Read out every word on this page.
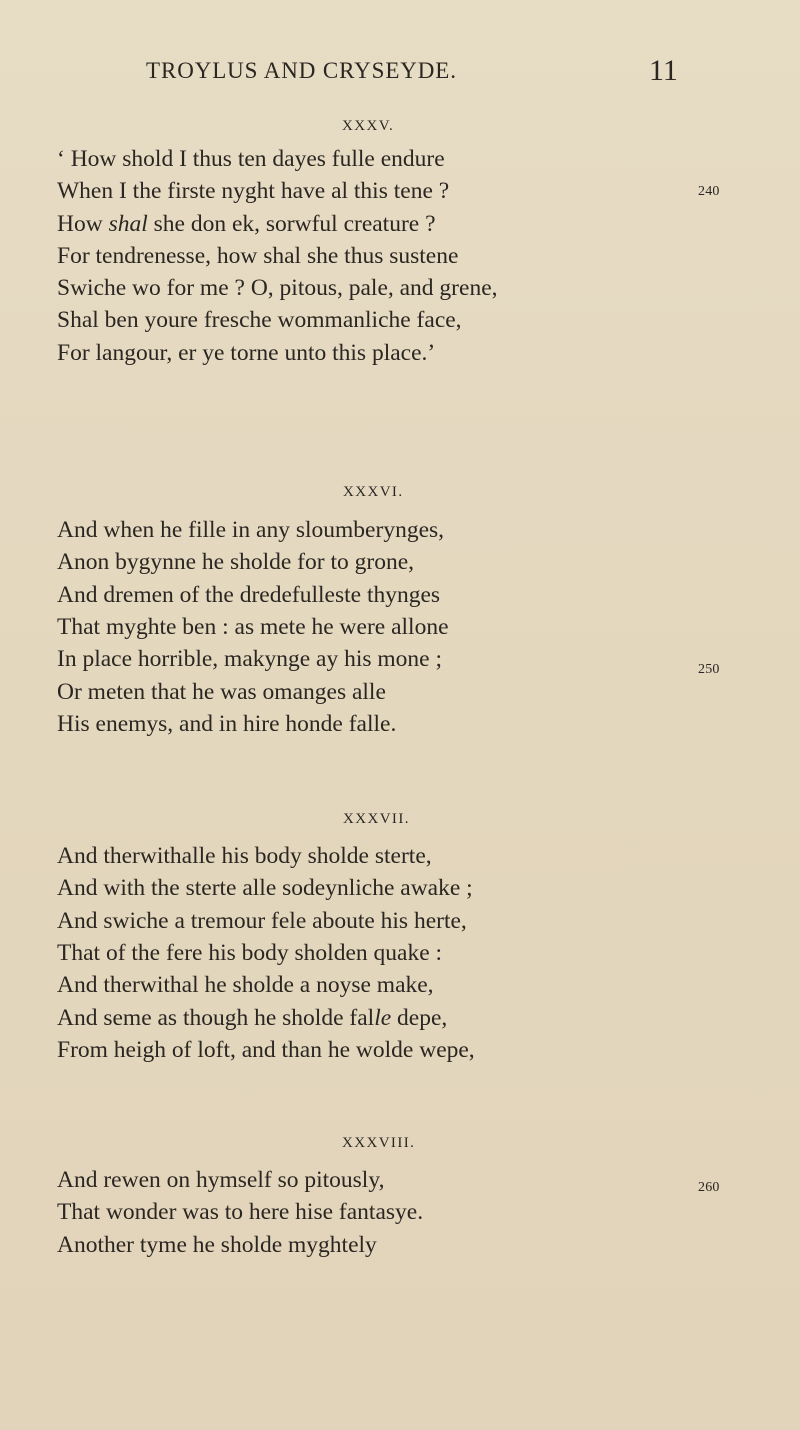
TROYLUS AND CRYSEYDE.	11
XXXV.
‘ How shold I thus ten dayes fulle endure
When I the firste nyght have al this tene ?
How shal she don ek, sorwful creature ?
For tendrenesse, how shal she thus sustene
Swiche wo for me ? O, pitous, pale, and grene,
Shal ben youre fresche wommanliche face,
For langour, er ye torne unto this place.’
XXXVI.
And when he fille in any sloumberynges,
Anon bygynne he sholde for to grone,
And dremen of the dredefulleste thynges
That myghte ben : as mete he were allone
In place horrible, makynge ay his mone ;
Or meten that he was omanges alle
His enemys, and in hire honde falle.
XXXVII.
And therwithalle his body sholde sterte,
And with the sterte alle sodeynliche awake ;
And swiche a tremour fele aboute his herte,
That of the fere his body sholden quake :
And therwithal he sholde a noyse make,
And seme as though he sholde falle depe,
From heigh of loft, and than he wolde wepe,
XXXVIII.
And rewen on hymself so pitously,
That wonder was to here hise fantasye.
Another tyme he sholde myghtely
240
250
260
